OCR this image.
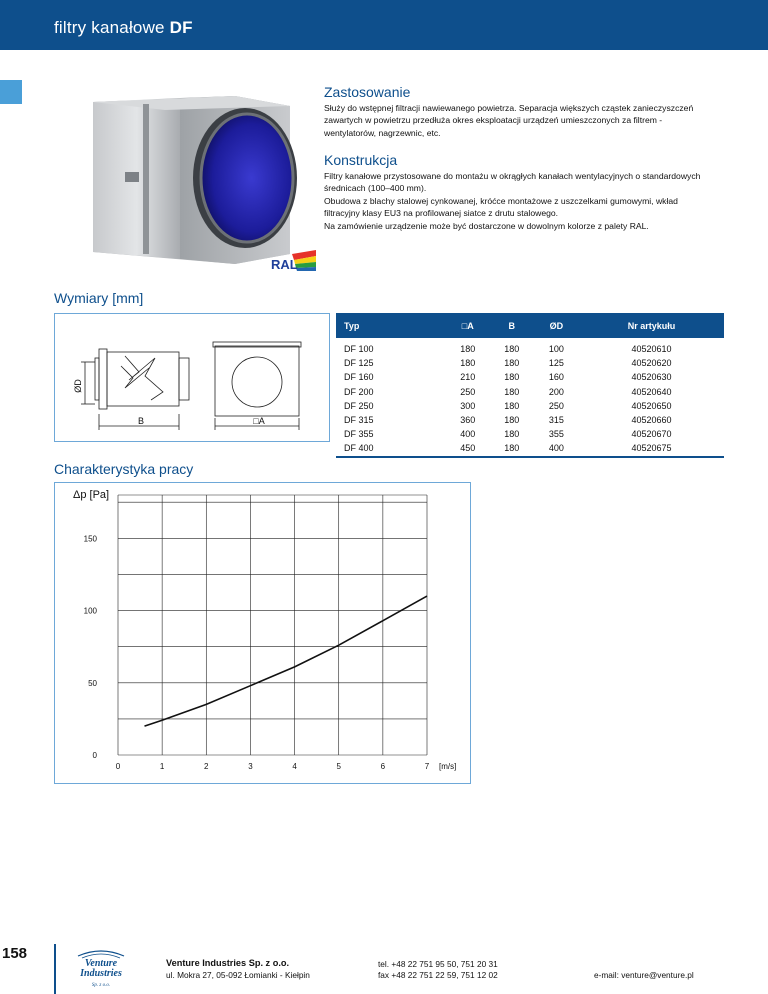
filtry kanałowe DF
Zastosowanie
Służy do wstępnej filtracji nawiewanego powietrza. Separacja większych cząstek zanieczyszczeń
zawartych w powietrzu przedłuża okres eksploatacji urządzeń umieszczonych za filtrem -
wentylatorów, nagrzewnic, etc.
Konstrukcja
Filtry kanałowe przystosowane do montażu w okrągłych kanałach wentylacyjnych o standardowych
średnicach (100–400 mm).
Obudowa z blachy stalowej cynkowanej, króćce montażowe z uszczelkami gumowymi, wkład
filtracyjny klasy EU3 na profilowanej siatce z drutu stalowego.
Na zamówienie urządzenie może być dostarczone w dowolnym kolorze z palety RAL.
RAL
Wymiary [mm]
ØD
B	□A
Typ	□A	B	ØD	Nr artykułu
DF 100	180	180	100	40520610
DF 125	180	180	125	40520620
DF 160	210	180	160	40520630
DF 200	250	180	200	40520640
DF 250	300	180	250	40520650
DF 315	360	180	315	40520660
DF 355	400	180	355	40520670
DF 400	450	180	400	40520675
Charakterystyka pracy
0	1	2	3	4	5	6	7
0
50
100
150
Δp [Pa]
[m/s]
158
Venture
Industries
Sp. z o.o.
Venture Industries Sp. z o.o.
ul. Mokra 27, 05-092 Łomianki - Kiełpin
tel. +48 22 751 95 50, 751 20 31
fax +48 22 751 22 59, 751 12 02	e-mail: venture@venture.pl
